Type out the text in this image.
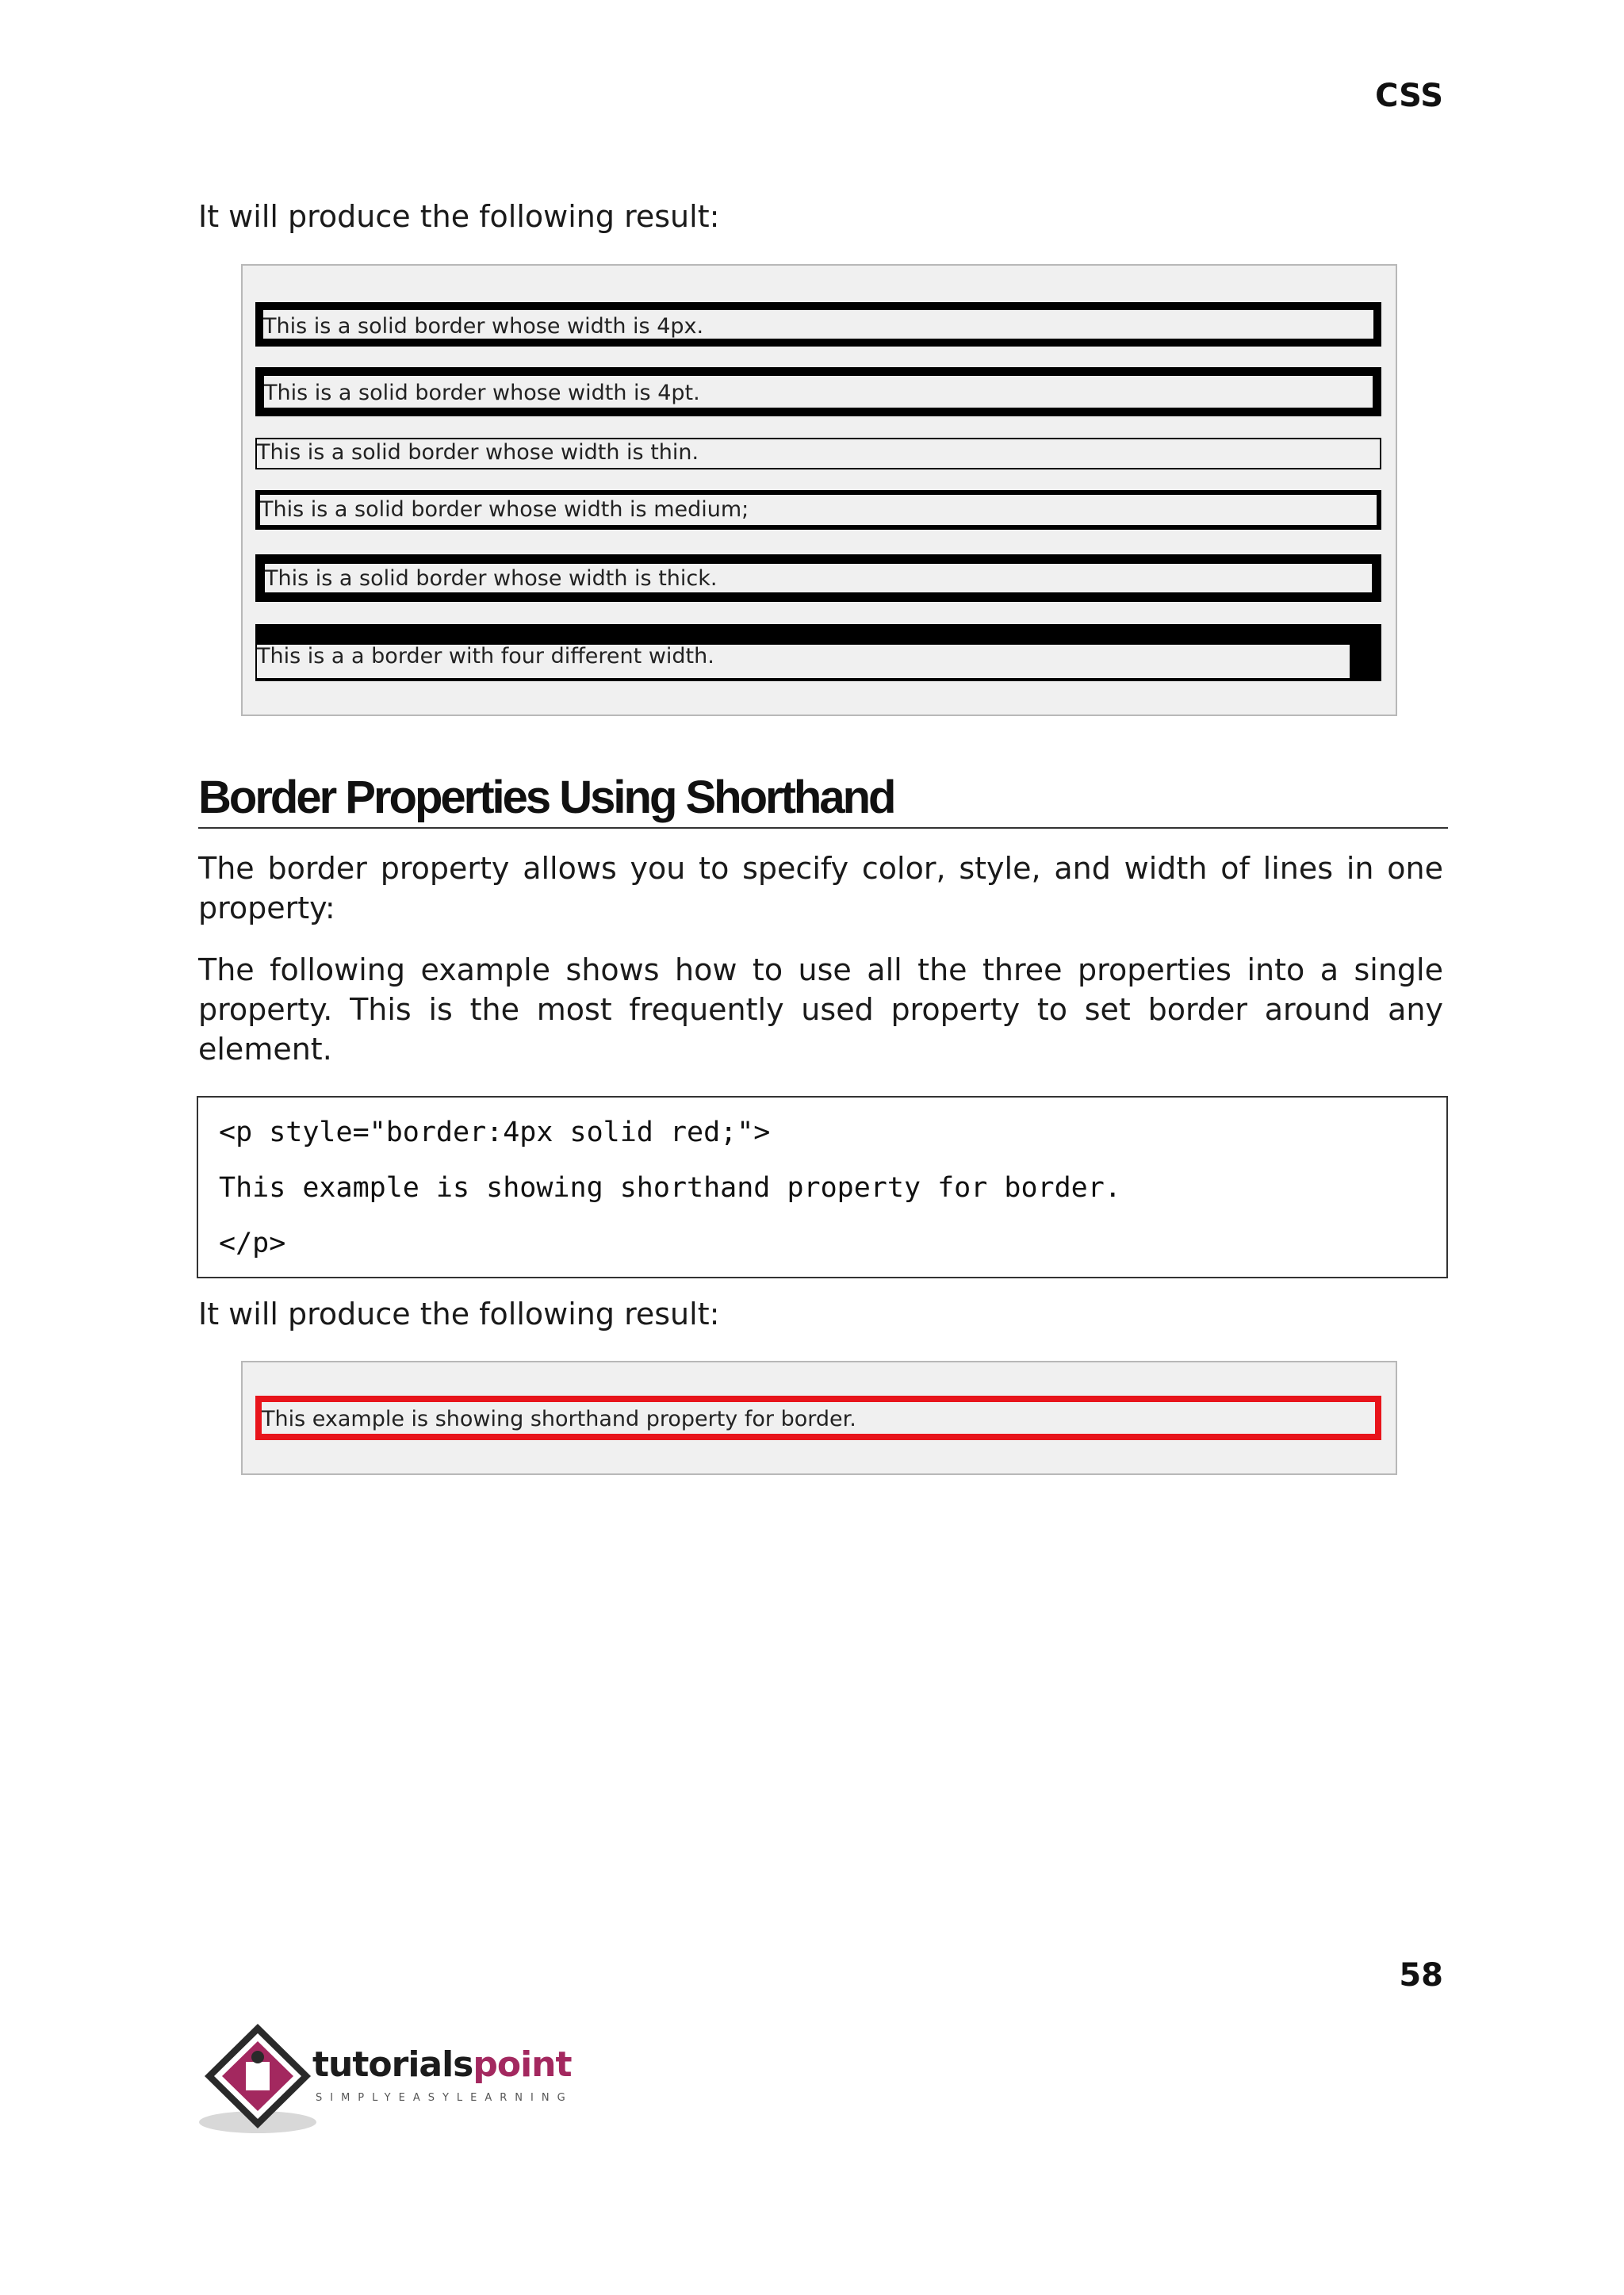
CSS
It will produce the following result:
This is a solid border whose width is 4px.
This is a solid border whose width is 4pt.
This is a solid border whose width is thin.
This is a solid border whose width is medium;
This is a solid border whose width is thick.
This is a a border with four different width.
Border Properties Using Shorthand
The border property allows you to specify color, style, and width of lines in one property:
The following example shows how to use all the three properties into a single property. This is the most frequently used property to set border around any element.
<p style="border:4px solid red;">
This example is showing shorthand property for border.
</p>
It will produce the following result:
This example is showing shorthand property for border.
58
tutorialspoint
SIMPLYEASYLEARNING
